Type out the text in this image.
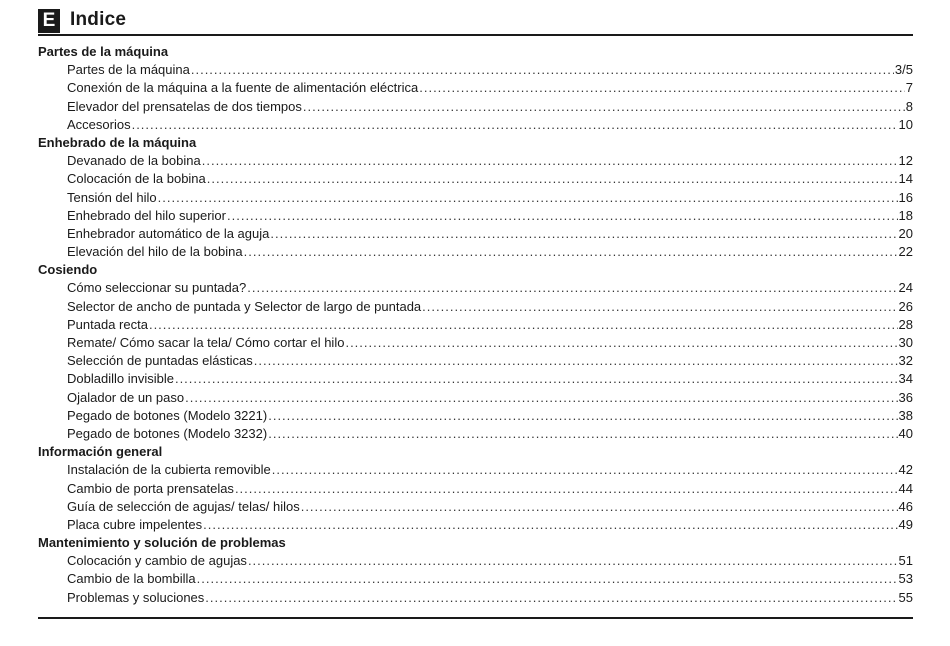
E Indice
Partes de la máquina
Partes de la máquina .....	3/5
Conexión de la máquina a la fuente de alimentación eléctrica .....	7
Elevador del prensatelas de dos tiempos .....	8
Accesorios .....	10
Enhebrado de la máquina
Devanado de la bobina .....	12
Colocación de la bobina .....	14
Tensión del hilo .....	16
Enhebrado del hilo superior .....	18
Enhebrador automático de la aguja .....	20
Elevación del hilo de la bobina .....	22
Cosiendo
Cómo seleccionar su puntada? .....	24
Selector de ancho de puntada y Selector de largo de puntada .....	26
Puntada recta .....	28
Remate/ Cómo sacar la tela/ Cómo cortar el hilo .....	30
Selección de puntadas elásticas .....	32
Dobladillo invisible .....	34
Ojalador de un paso .....	36
Pegado de botones (Modelo 3221) .....	38
Pegado de botones (Modelo 3232) .....	40
Información general
Instalación de la cubierta removible .....	42
Cambio de porta prensatelas .....	44
Guía de selección de agujas/ telas/ hilos .....	46
Placa cubre impelentes .....	49
Mantenimiento y solución de problemas
Colocación y cambio de agujas .....	51
Cambio de la bombilla .....	53
Problemas y soluciones .....	55
